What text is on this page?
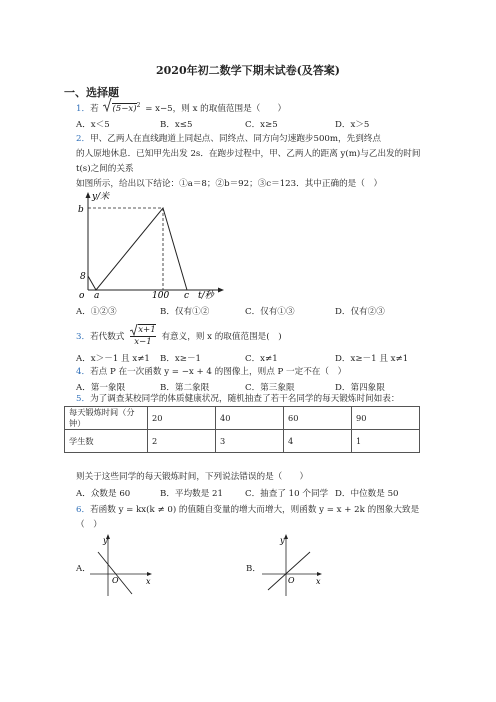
2020年初二数学下期末试卷(及答案)
一、选择题
1．若 $(5-x)^2 = x-5$，则 x 的取值范围是（　　）
A．x＜5	B．x≤5	C．x≥5	D．x＞5
2．甲、乙两人在直线跑道上同起点、同终点、同方向匀速跑步500m，先到终点
的人原地休息．已知甲先出发 2s．在跑步过程中，甲、乙两人的距离 y(m)与乙出发的时间
t(s)之间的关系
如图所示，给出以下结论：①a＝8；②b＝92；③c＝123．其中正确的是（　）
y/米
b
8
o a	100 c t/秒
A．①②③	B．仅有①②	C．仅有①③	D．仅有②③
3．若代数式 $\frac{x+1}{x-1}$ 有意义，则 x 的取值范围是(　)
A．x＞－1 且 x≠1 B．x≥－1	C．x≠1	D．x≥－1 且 x≠1
4．若点 P 在一次函数 y = −x + 4 的图像上，则点 P 一定不在（　）
A．第一象限	B．第二象限	C．第三象限	D．第四象限
5．为了调查某校同学的体质健康状况，随机抽查了若干名同学的每天锻炼时间如表：
每天锻炼时间（分钟）	20	40	60	90
学生数	2	3	4	1
则关于这些同学的每天锻炼时间，下列说法错误的是（　　）
A．众数是 60	B．平均数是 21	C．抽查了 10 个同学 D．中位数是 50
6．若函数 y = kx(k ≠ 0) 的值随自变量的增大而增大，则函数 y = x + 2k 的图象大致是
（　）
A．
y
x
O
B．
y
x
O
